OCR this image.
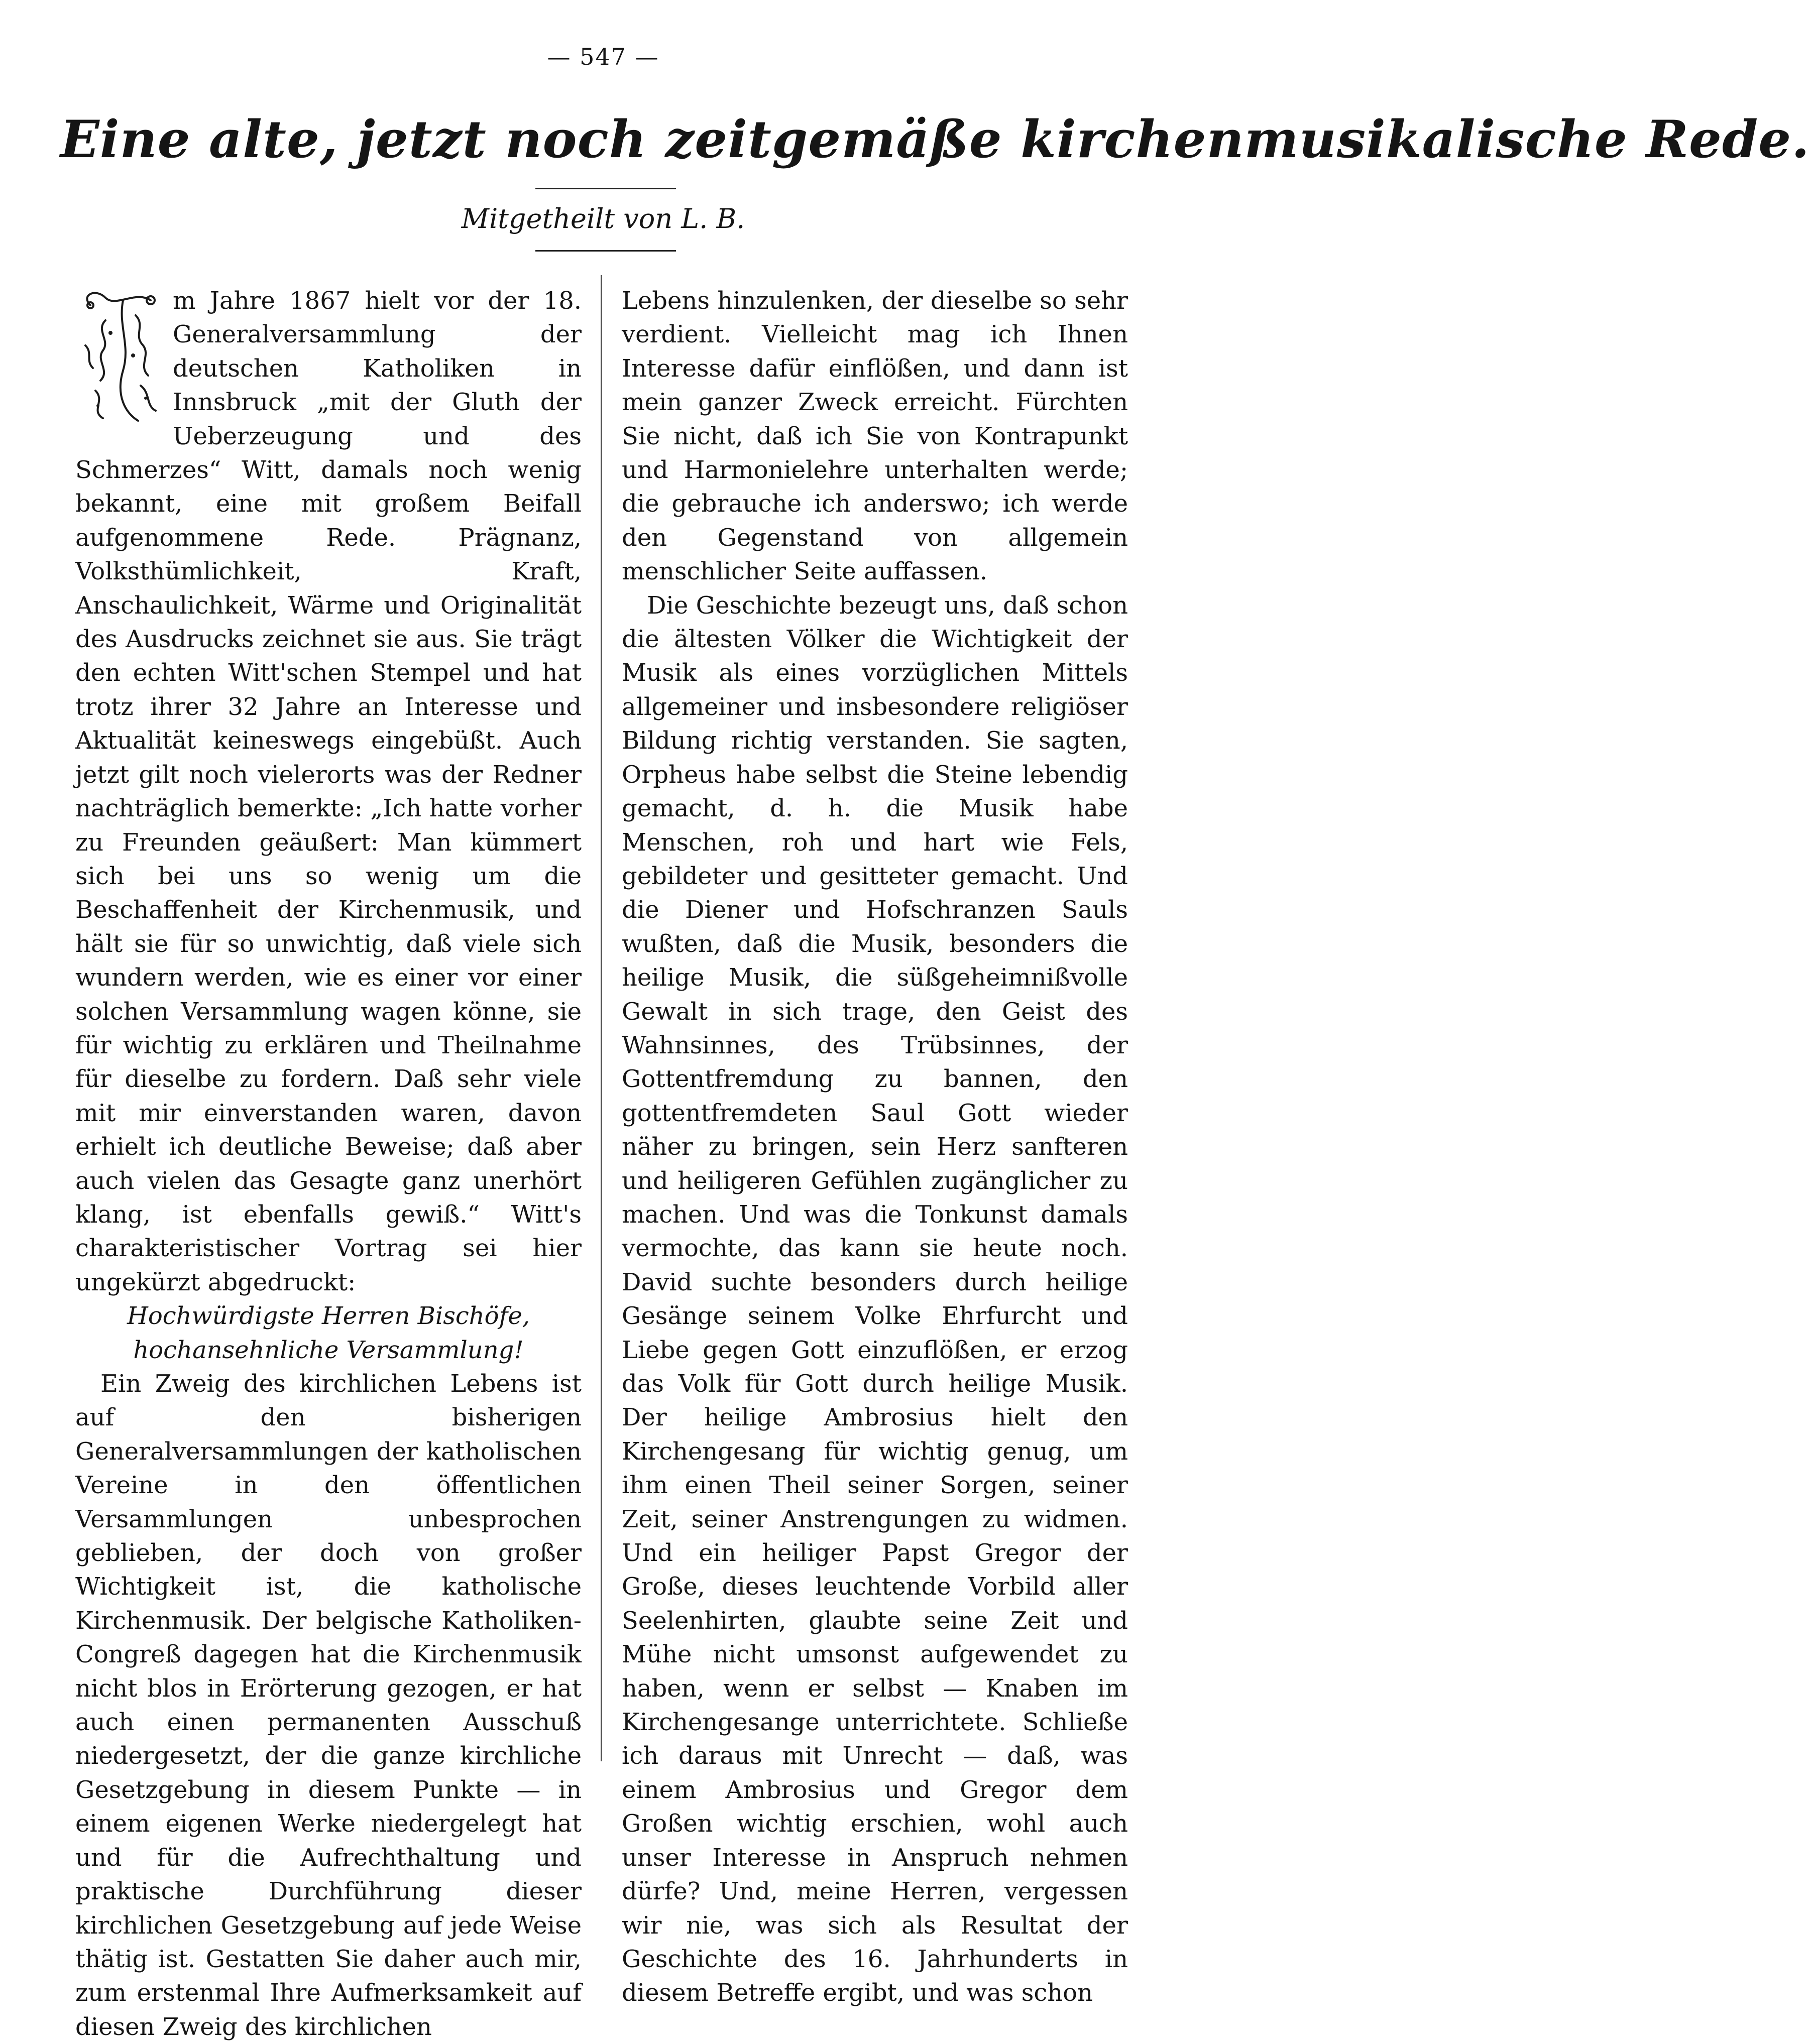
— 547 —
Eine alte, jetzt noch zeitgemäße kirchenmusikalische Rede.
Mitgetheilt von L. B.

m Jahre 1867 hielt vor der 18. Generalversammlung der deutschen Katholiken in Innsbruck „mit der Gluth der Ueberzeugung und des Schmerzes“ Witt, damals noch wenig bekannt, eine mit großem Beifall aufgenommene Rede. Prägnanz, Volksthümlichkeit, Kraft, Anschaulichkeit, Wärme und Originalität des Ausdrucks zeichnet sie aus. Sie trägt den echten Witt'schen Stempel und hat trotz ihrer 32 Jahre an Interesse und Aktualität keineswegs eingebüßt. Auch jetzt gilt noch vielerorts was der Redner nachträglich bemerkte: „Ich hatte vorher zu Freunden geäußert: Man kümmert sich bei uns so wenig um die Beschaffenheit der Kirchenmusik, und hält sie für so unwichtig, daß viele sich wundern werden, wie es einer vor einer solchen Versammlung wagen könne, sie für wichtig zu erklären und Theilnahme für dieselbe zu fordern. Daß sehr viele mit mir einverstanden waren, davon erhielt ich deutliche Beweise; daß aber auch vielen das Gesagte ganz unerhört klang, ist ebenfalls gewiß.“ Witt's charakteristischer Vortrag sei hier ungekürzt abgedruckt:

Hochwürdigste Herren Bischöfe, hochansehnliche Versammlung!

Ein Zweig des kirchlichen Lebens ist auf den bisherigen Generalversammlungen der katholischen Vereine in den öffentlichen Versammlungen unbesprochen geblieben, der doch von großer Wichtigkeit ist, die katholische Kirchenmusik. Der belgische Katholiken-Congreß dagegen hat die Kirchenmusik nicht blos in Erörterung gezogen, er hat auch einen permanenten Ausschuß niedergesetzt, der die ganze kirchliche Gesetzgebung in diesem Punkte — in einem eigenen Werke niedergelegt hat und für die Aufrechthaltung und praktische Durchführung dieser kirchlichen Gesetzgebung auf jede Weise thätig ist. Gestatten Sie daher auch mir, zum erstenmal Ihre Aufmerksamkeit auf diesen Zweig des kirchlichen

Lebens hinzulenken, der dieselbe so sehr verdient. Vielleicht mag ich Ihnen Interesse dafür einflößen, und dann ist mein ganzer Zweck erreicht. Fürchten Sie nicht, daß ich Sie von Kontrapunkt und Harmonielehre unterhalten werde; die gebrauche ich anderswo; ich werde den Gegenstand von allgemein menschlicher Seite auffassen.

Die Geschichte bezeugt uns, daß schon die ältesten Völker die Wichtigkeit der Musik als eines vorzüglichen Mittels allgemeiner und insbesondere religiöser Bildung richtig verstanden. Sie sagten, Orpheus habe selbst die Steine lebendig gemacht, d. h. die Musik habe Menschen, roh und hart wie Fels, gebildeter und gesitteter gemacht. Und die Diener und Hofschranzen Sauls wußten, daß die Musik, besonders die heilige Musik, die süßgeheimnißvolle Gewalt in sich trage, den Geist des Wahnsinnes, des Trübsinnes, der Gottentfremdung zu bannen, den gottentfremdeten Saul Gott wieder näher zu bringen, sein Herz sanfteren und heiligeren Gefühlen zugänglicher zu machen. Und was die Tonkunst damals vermochte, das kann sie heute noch. David suchte besonders durch heilige Gesänge seinem Volke Ehrfurcht und Liebe gegen Gott einzuflößen, er erzog das Volk für Gott durch heilige Musik. Der heilige Ambrosius hielt den Kirchengesang für wichtig genug, um ihm einen Theil seiner Sorgen, seiner Zeit, seiner Anstrengungen zu widmen. Und ein heiliger Papst Gregor der Große, dieses leuchtende Vorbild aller Seelenhirten, glaubte seine Zeit und Mühe nicht umsonst aufgewendet zu haben, wenn er selbst — Knaben im Kirchengesange unterrichtete. Schließe ich daraus mit Unrecht — daß, was einem Ambrosius und Gregor dem Großen wichtig erschien, wohl auch unser Interesse in Anspruch nehmen dürfe? Und, meine Herren, vergessen wir nie, was sich als Resultat der Geschichte des 16. Jahrhunderts in diesem Betreffe ergibt, und was schon
